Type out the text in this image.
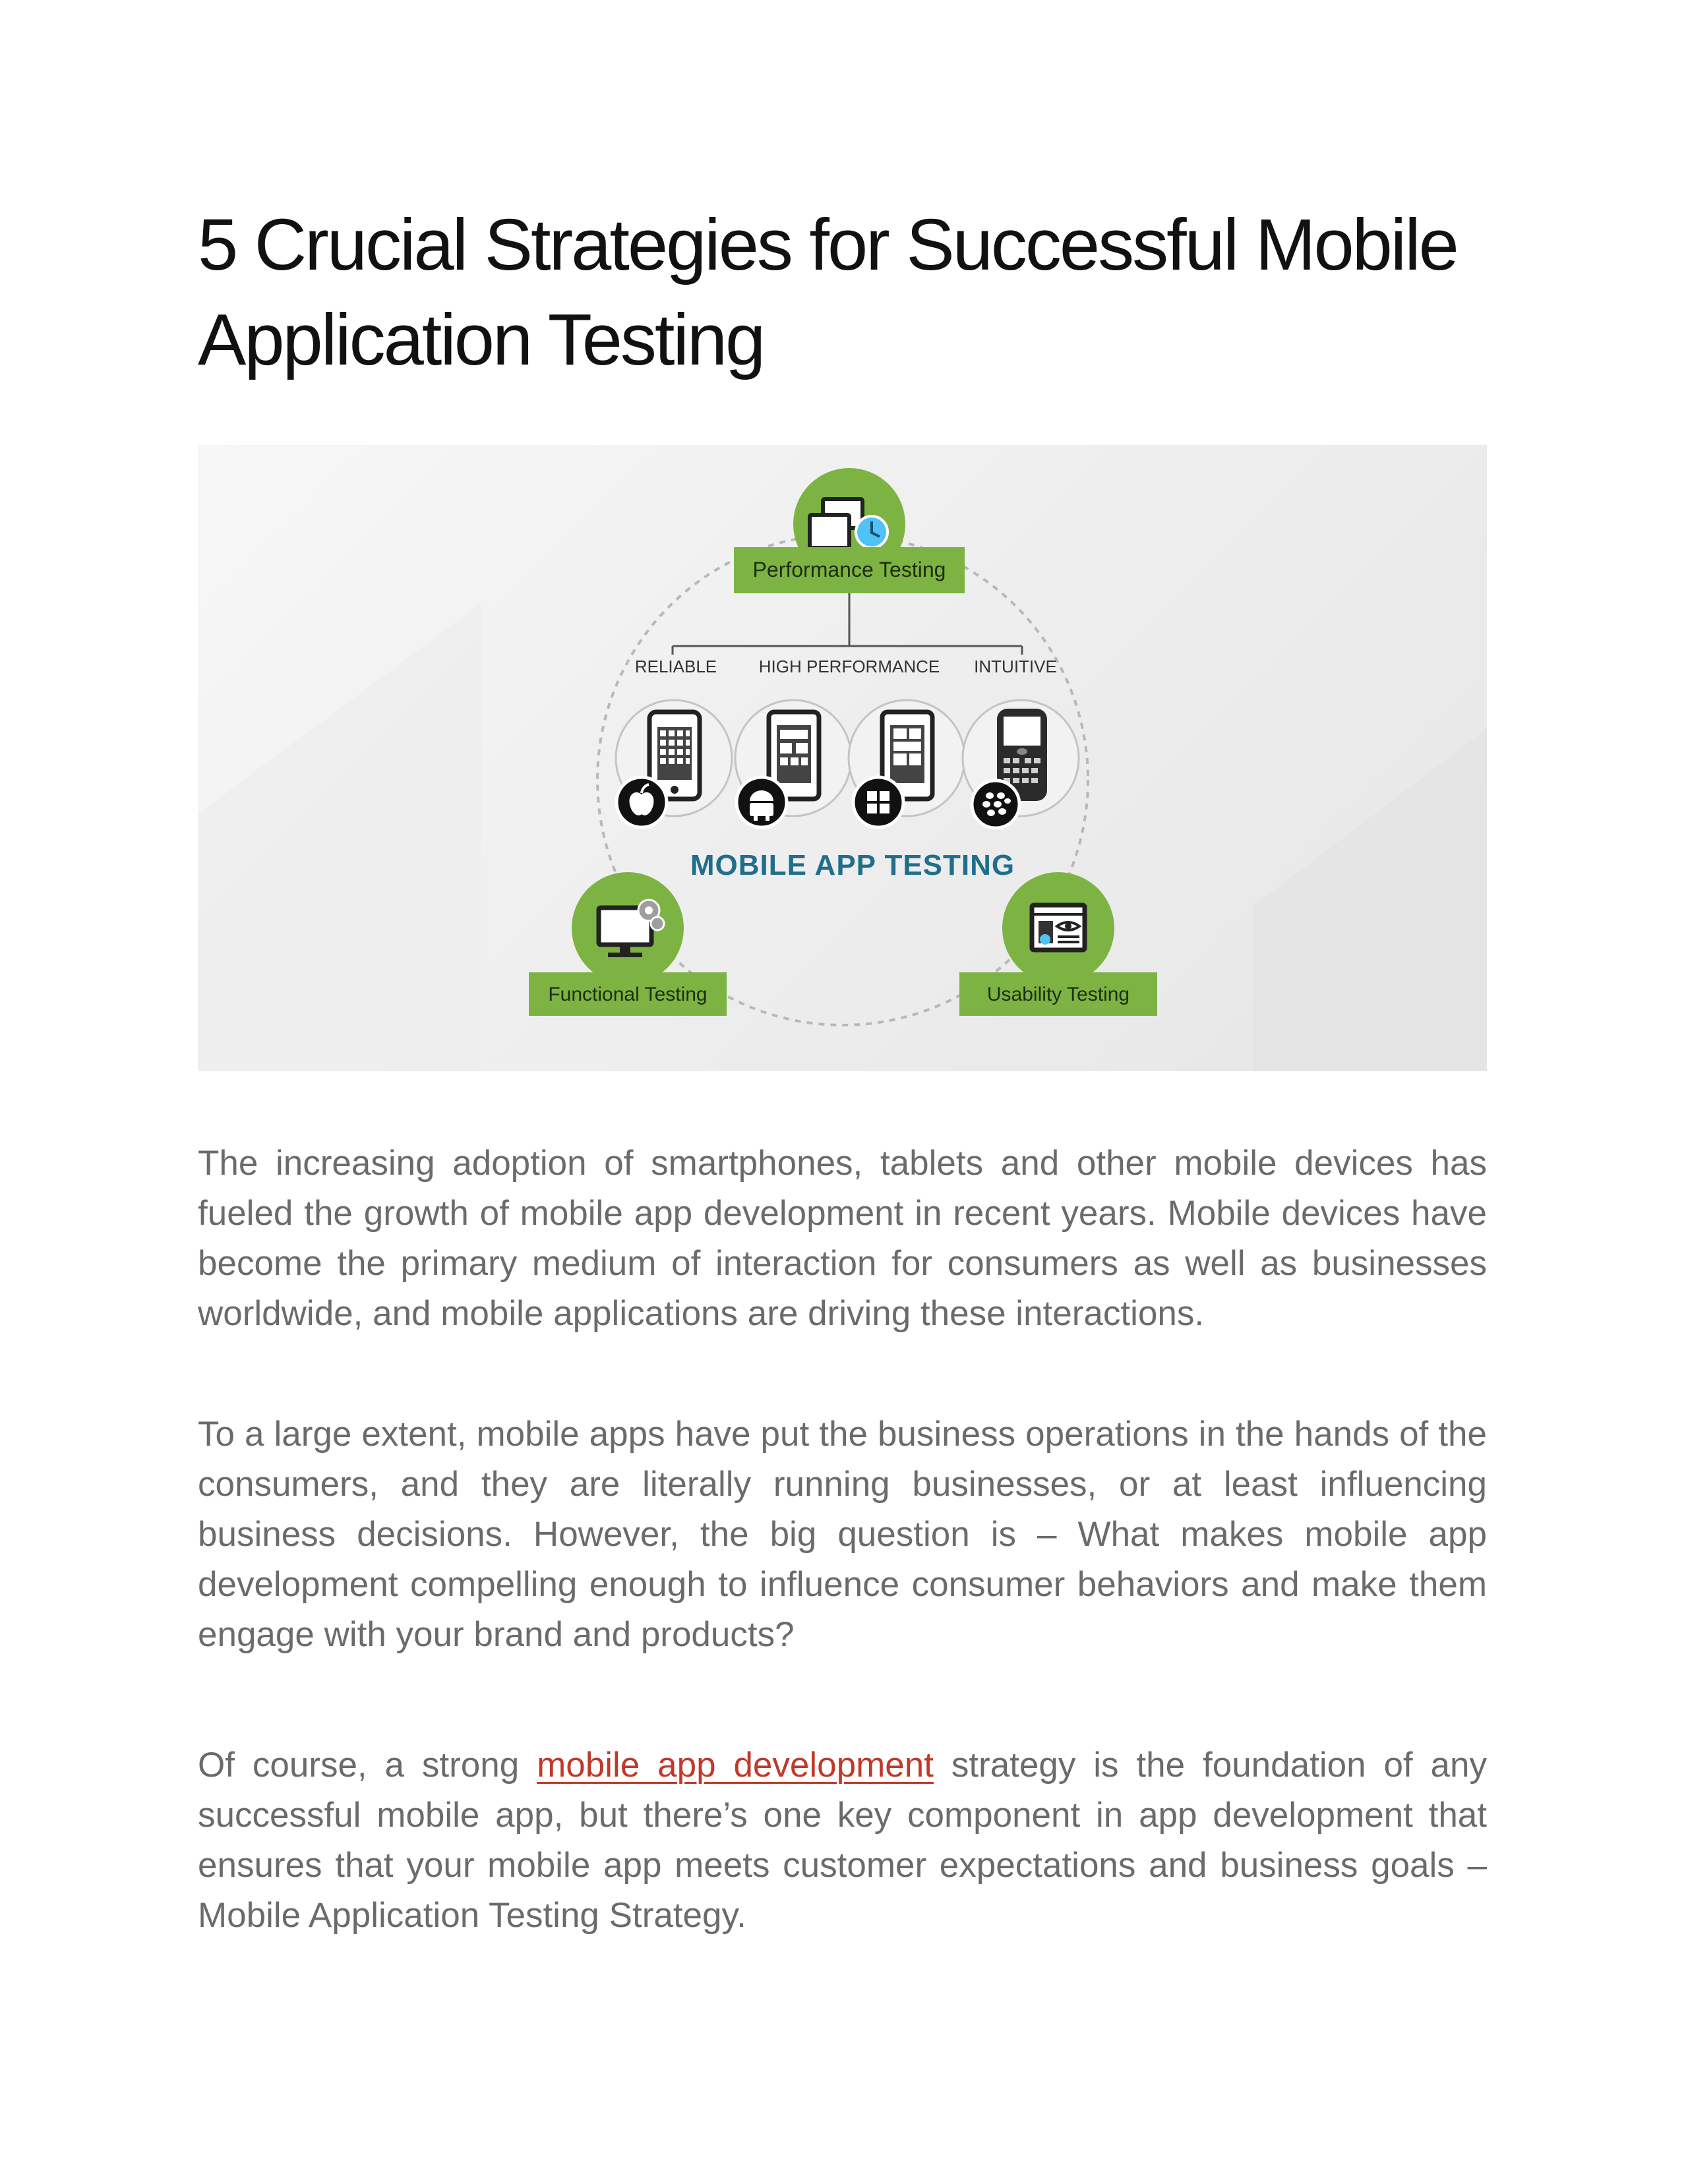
5 Crucial Strategies for Successful Mobile Application Testing
Performance Testing
RELIABLE HIGH PERFORMANCE INTUITIVE
MOBILE APP TESTING
Functional Testing	Usability Testing

The increasing adoption of smartphones, tablets and other mobile devices has fueled the growth of mobile app development in recent years. Mobile devices have become the primary medium of interaction for consumers as well as businesses worldwide, and mobile applications are driving these interactions.

To a large extent, mobile apps have put the business operations in the hands of the consumers, and they are literally running businesses, or at least influencing business decisions. However, the big question is – What makes mobile app development compelling enough to influence consumer behaviors and make them engage with your brand and products?

Of course, a strong mobile app development strategy is the foundation of any successful mobile app, but there’s one key component in app development that ensures that your mobile app meets customer expectations and business goals – Mobile Application Testing Strategy.
